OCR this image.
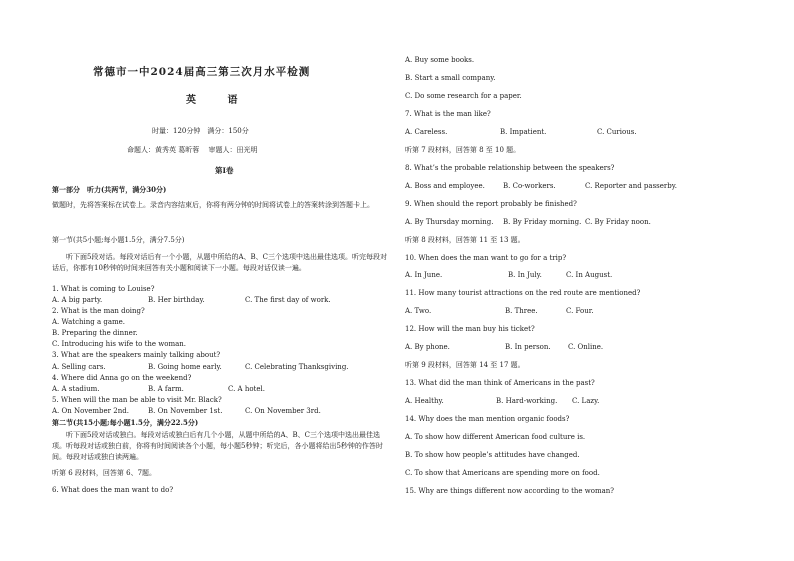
常德市一中2024届高三第三次月水平检测
英 语
时量：120分钟　满分：150分
命题人：黄秀英 葛昕蓉　 审题人：田光明
第Ⅰ卷
第一部分　听力(共两节，满分30分)
做题时，先将答案标在试卷上。录音内容结束后，你将有两分钟的时间将试卷上的答案转涂到答题卡上。
第一节(共5小题;每小题1.5分，满分7.5分)
听下面5段对话。每段对话后有一个小题，从题中所给的A、B、C三个选项中选出最佳选项。听完每段对话后，你都有10秒钟的时间来回答有关小题和阅读下一小题。每段对话仅读一遍。
1. What is coming to Louise?
A. A big party.	B. Her birthday.	C. The first day of work.
2. What is the man doing?
A. Watching a game.
B. Preparing the dinner.
C. Introducing his wife to the woman.
3. What are the speakers mainly talking about?
A. Selling cars.	B. Going home early.	C. Celebrating Thanksgiving.
4. Where did Anna go on the weekend?
A. A stadium.	B. A farm.	C. A hotel.
5. When will the man be able to visit Mr. Black?
A. On November 2nd.	B. On November 1st.	C. On November 3rd.
第二节(共15小题;每小题1.5分，满分22.5分)
听下面5段对话或独白。每段对话或独白后有几个小题，从题中所给的A、B、C三个选项中选出最佳选项。听每段对话或独白前，你将有时间阅读各个小题，每小题5秒钟；听完后，各小题将给出5秒钟的作答时间。每段对话或独白读两遍。
听第 6 段材料，回答第 6、7题。
6. What does the man want to do?
A. Buy some books.
B. Start a small company.
C. Do some research for a paper.
7. What is the man like?
A. Careless.	B. Impatient.	C. Curious.
听第 7 段材料，回答第 8 至 10 题。
8. What’s the probable relationship between the speakers?
A. Boss and employee.	B. Co-workers.	C. Reporter and passerby.
9. When should the report probably be finished?
A. By Thursday morning. B. By Friday morning. C. By Friday noon.
听第 8 段材料，回答第 11 至 13 题。
10. When does the man want to go for a trip?
A. In June.	B. In July.	C. In August.
11. How many tourist attractions on the red route are mentioned?
A. Two.	B. Three.	C. Four.
12. How will the man buy his ticket?
A. By phone.	B. In person. C. Online.
听第 9 段材料，回答第 14 至 17 题。
13. What did the man think of Americans in the past?
A. Healthy.	B. Hard-working. C. Lazy.
14. Why does the man mention organic foods?
A. To show how different American food culture is.
B. To show how people’s attitudes have changed.
C. To show that Americans are spending more on food.
15. Why are things different now according to the woman?
